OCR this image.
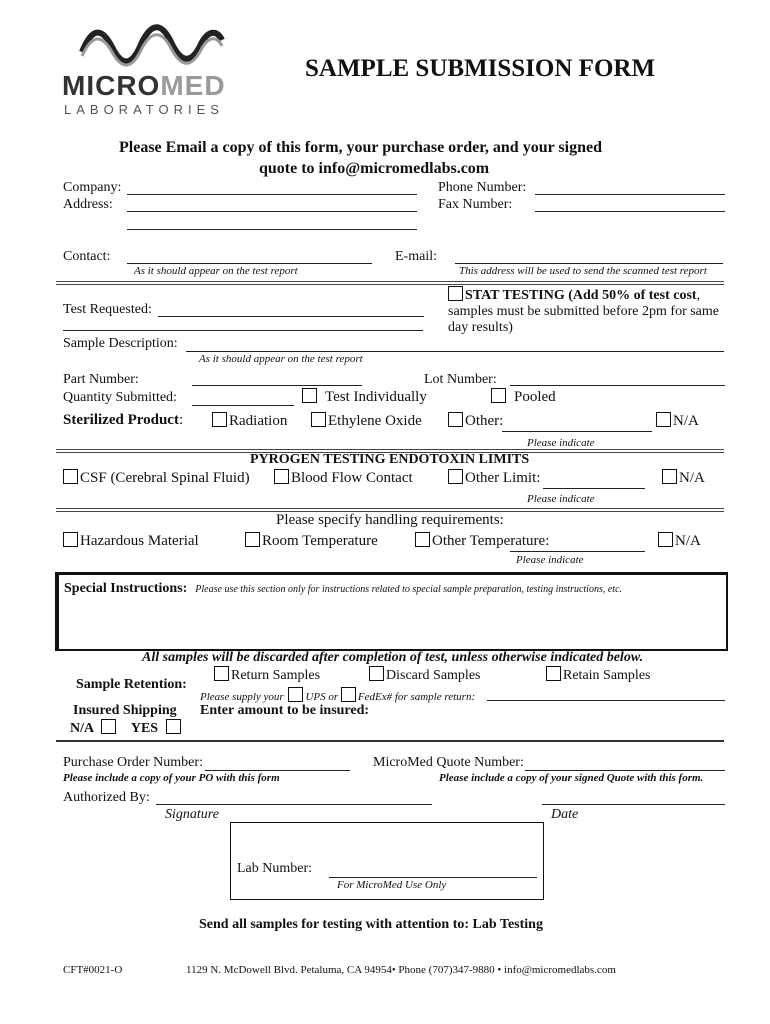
MICROMED
LABORATORIES
SAMPLE SUBMISSION FORM
Please Email a copy of this form, your purchase order, and your signed
quote to info@micromedlabs.com
Company:
Address:
Phone Number:
Fax Number:
Contact:
As it should appear on the test report
E-mail:
This address will be used to send the scanned test report
Test Requested:
STAT TESTING (Add 50% of test cost,
samples must be submitted before 2pm for same
day results)
Sample Description:
As it should appear on the test report
Part Number:	Lot Number:
Quantity Submitted:	Test Individually	Pooled
Sterilized Product:	Radiation	Ethylene Oxide	Other:	N/A
Please indicate
PYROGEN TESTING ENDOTOXIN LIMITS
CSF (Cerebral Spinal Fluid)	Blood Flow Contact	Other Limit:	N/A
Please indicate
Please specify handling requirements:
Hazardous Material	Room Temperature	Other Temperature:	N/A
Please indicate
Special Instructions: Please use this section only for instructions related to special sample preparation, testing instructions, etc.
All samples will be discarded after completion of test, unless otherwise indicated below.
Sample Retention:
Return Samples	Discard Samples	Retain Samples
Please supply your UPS or FedEx# for sample return:
Insured Shipping
N/A	YES
Enter amount to be insured:
Purchase Order Number:
Please include a copy of your PO with this form
MicroMed Quote Number:
Please include a copy of your signed Quote with this form.
Authorized By:
Signature	Date
Lab Number:
For MicroMed Use Only
Send all samples for testing with attention to: Lab Testing
CFT#0021-O	1129 N. McDowell Blvd. Petaluma, CA 94954• Phone (707)347-9880 • info@micromedlabs.com
